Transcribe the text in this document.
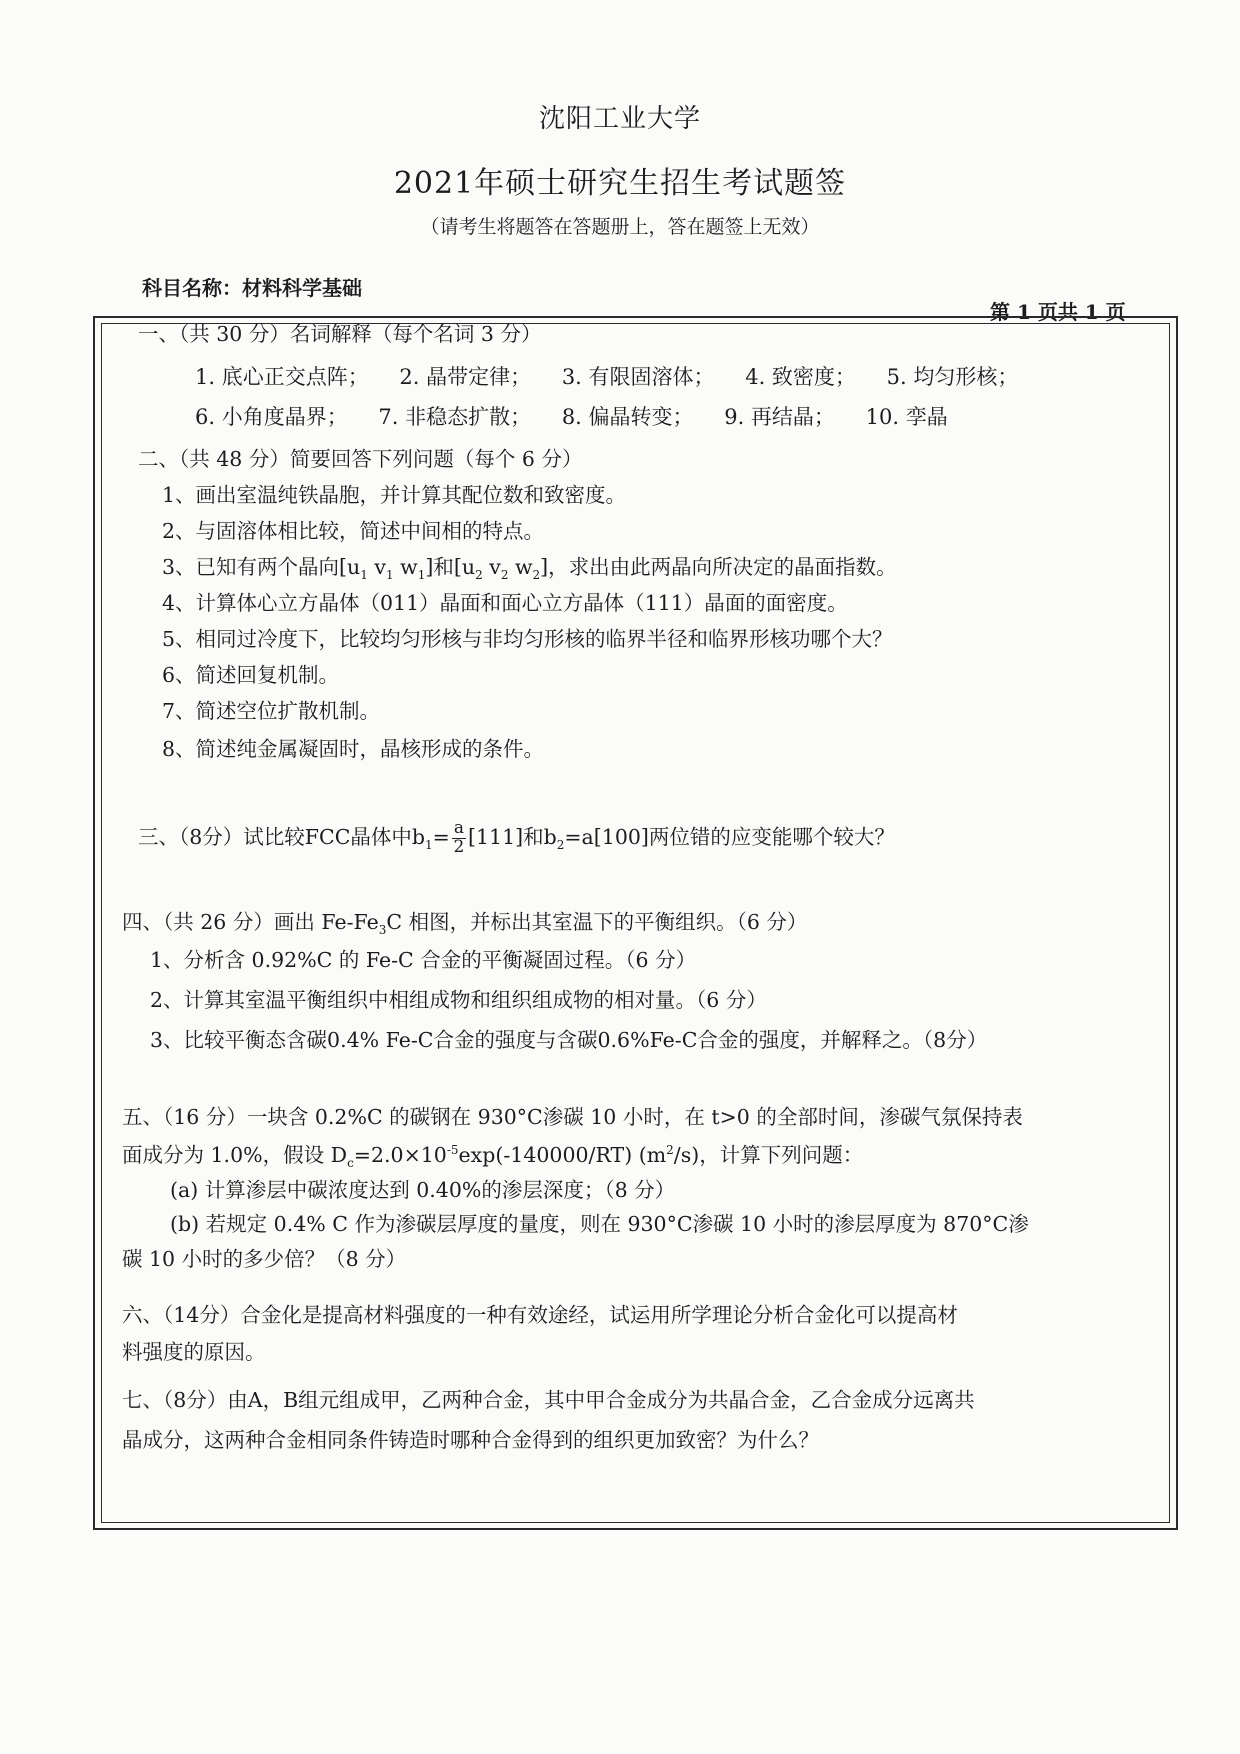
沈阳工业大学
2021年硕士研究生招生考试题签
（请考生将题答在答题册上，答在题签上无效）
科目名称：材料科学基础
第 1 页共 1 页
一、（共 30 分）名词解释（每个名词 3 分）
1. 底心正交点阵； 2. 晶带定律； 3. 有限固溶体； 4. 致密度； 5. 均匀形核；
6. 小角度晶界； 7. 非稳态扩散； 8. 偏晶转变； 9. 再结晶； 10. 孪晶
二、（共 48 分）简要回答下列问题（每个 6 分）
1、画出室温纯铁晶胞，并计算其配位数和致密度。
2、与固溶体相比较，简述中间相的特点。
3、已知有两个晶向[$u_1$ $v_1$ $w_1$]和[$u_2$ $v_2$ $w_2$]，求出由此两晶向所决定的晶面指数。
4、计算体心立方晶体（011）晶面和面心立方晶体（111）晶面的面密度。
5、相同过冷度下，比较均匀形核与非均匀形核的临界半径和临界形核功哪个大？
6、简述回复机制。
7、简述空位扩散机制。
8、简述纯金属凝固时，晶核形成的条件。
三、（8分）试比较FCC晶体中$b_1= \frac{a}{2} [111]$和$b_2=a[100]$两位错的应变能哪个较大？
四、（共 26 分）画出 $Fe-Fe_3C$ 相图，并标出其室温下的平衡组织。（6 分）
1、分析含 0.92%C 的 Fe-C 合金的平衡凝固过程。（6 分）
2、计算其室温平衡组织中相组成物和组织组成物的相对量。（6 分）
3、比较平衡态含碳0.4% Fe-C合金的强度与含碳0.6%Fe-C合金的强度，并解释之。（8分）
五、（16 分）一块含 0.2%C 的碳钢在 930°C渗碳 10 小时，在 t>0 的全部时间，渗碳气氛保持表
面成分为 1.0%，假设 $D_c=2.0\times 10^{-5}\exp(-140000/RT)$ $(m^2/s)$，计算下列问题：
(a) 计算渗层中碳浓度达到 0.40%的渗层深度；（8 分）
(b) 若规定 0.4% C 作为渗碳层厚度的量度，则在 930°C渗碳 10 小时的渗层厚度为 870°C渗
碳 10 小时的多少倍？（8 分）
六、（14分）合金化是提高材料强度的一种有效途经，试运用所学理论分析合金化可以提高材
料强度的原因。
七、（8分）由A，B组元组成甲，乙两种合金，其中甲合金成分为共晶合金，乙合金成分远离共
晶成分，这两种合金相同条件铸造时哪种合金得到的组织更加致密？为什么？
